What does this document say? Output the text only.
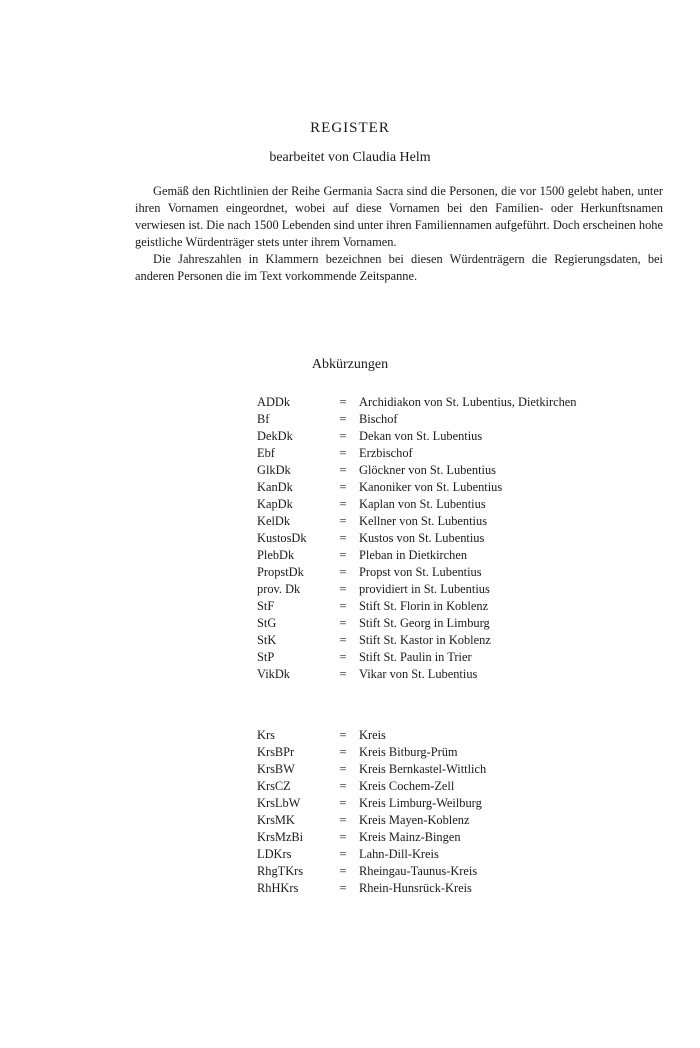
REGISTER
bearbeitet von Claudia Helm

Gemäß den Richtlinien der Reihe Germania Sacra sind die Personen, die vor 1500 gelebt haben, unter ihren Vornamen eingeordnet, wobei auf diese Vornamen bei den Familien- oder Herkunftsnamen verwiesen ist. Die nach 1500 Lebenden sind unter ihren Familiennamen aufgeführt. Doch erscheinen hohe geistliche Würdenträger stets unter ihrem Vornamen.

Die Jahreszahlen in Klammern bezeichnen bei diesen Würdenträgern die Regierungsdaten, bei anderen Personen die im Text vorkommende Zeitspanne.

Abkürzungen
ADDk	=	Archidiakon von St. Lubentius, Dietkirchen
Bf	=	Bischof
DekDk	=	Dekan von St. Lubentius
Ebf	=	Erzbischof
GlkDk	=	Glöckner von St. Lubentius
KanDk	=	Kanoniker von St. Lubentius
KapDk	=	Kaplan von St. Lubentius
KelDk	=	Kellner von St. Lubentius
KustosDk	=	Kustos von St. Lubentius
PlebDk	=	Pleban in Dietkirchen
PropstDk	=	Propst von St. Lubentius
prov. Dk	=	providiert in St. Lubentius
StF	=	Stift St. Florin in Koblenz
StG	=	Stift St. Georg in Limburg
StK	=	Stift St. Kastor in Koblenz
StP	=	Stift St. Paulin in Trier
VikDk	=	Vikar von St. Lubentius
Krs	=	Kreis
KrsBPr	=	Kreis Bitburg-Prüm
KrsBW	=	Kreis Bernkastel-Wittlich
KrsCZ	=	Kreis Cochem-Zell
KrsLbW	=	Kreis Limburg-Weilburg
KrsMK	=	Kreis Mayen-Koblenz
KrsMzBi	=	Kreis Mainz-Bingen
LDKrs	=	Lahn-Dill-Kreis
RhgTKrs	=	Rheingau-Taunus-Kreis
RhHKrs	=	Rhein-Hunsrück-Kreis
